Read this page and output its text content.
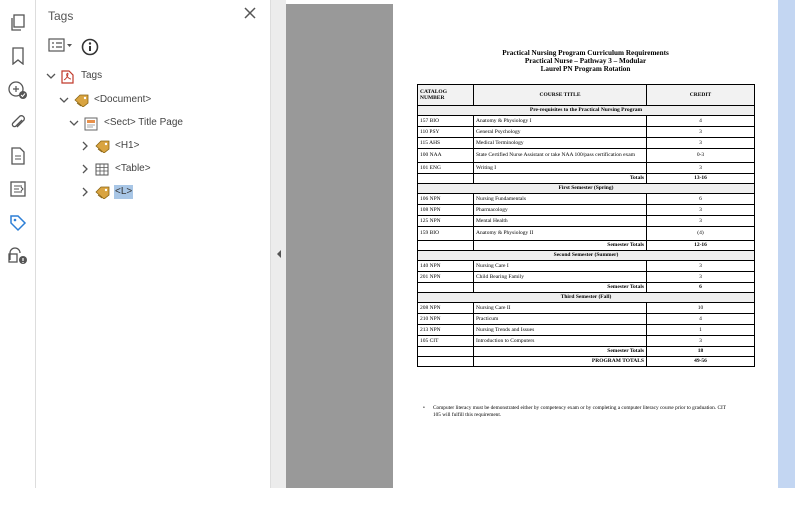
Tags
Tags
<Document>
<Sect> Title Page
<H1>
<Table>
<L>
Practical Nursing Program Curriculum Requirements
Practical Nurse – Pathway 3 – Modular
Laurel PN Program Rotation
CATALOG NUMBER	COURSE TITLE	CREDIT
Pre-requisites to the Practical Nursing Program		
157 BIO	Anatomy & Physiology I	4
110 PSY	General Psychology	3
115 AHS	Medical Terminology	3
100 NAA	State Certified Nurse Assistant or take NAA 100/pass certification exam	0-3
101 ENG	Writing I	3
	Totals	13-16
First Semester (Spring)		
106 NPN	Nursing Fundamentals	6
108 NPN	Pharmacology	3
125 NPN	Mental Health	3
159 BIO	Anatomy & Physiology II	(4)
	Semester Totals	12-16
Second Semester (Summer)		
140 NPN	Nursing Care I	3
201 NPN	Child Bearing Family	3
	Semester Totals	6
Third Semester (Fall)		
208 NPN	Nursing Care II	10
210 NPN	Practicum	4
213 NPN	Nursing Trends and Issues	1
105 CIT	Introduction to Computers	3
	Semester Totals	18
	PROGRAM TOTALS	49-56
• Computer literacy must be demonstrated either by competency exam or by completing a computer literacy course prior to graduation. CIT 105 will fulfill this requirement.
